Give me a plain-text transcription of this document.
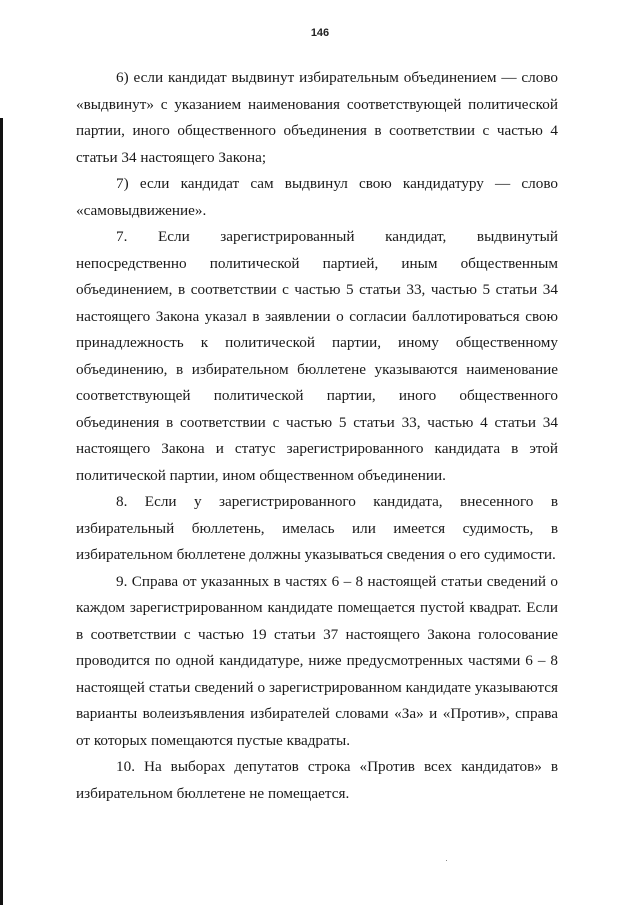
146

6) если кандидат выдвинут избирательным объединением — слово «выдвинут» с указанием наименования соответствующей политической партии, иного общественного объединения в соответствии с частью 4 статьи 34 настоящего Закона;

7) если кандидат сам выдвинул свою кандидатуру — слово «самовыдвижение».

7. Если зарегистрированный кандидат, выдвинутый непосредственно политической партией, иным общественным объединением, в соответствии с частью 5 статьи 33, частью 5 статьи 34 настоящего Закона указал в заявлении о согласии баллотироваться свою принадлежность к политической партии, иному общественному объединению, в избирательном бюллетене указываются наименование соответствующей политической партии, иного общественного объединения в соответствии с частью 5 статьи 33, частью 4 статьи 34 настоящего Закона и статус зарегистрированного кандидата в этой политической партии, ином общественном объединении.

8. Если у зарегистрированного кандидата, внесенного в избирательный бюллетень, имелась или имеется судимость, в избирательном бюллетене должны указываться сведения о его судимости.

9. Справа от указанных в частях 6 – 8 настоящей статьи сведений о каждом зарегистрированном кандидате помещается пустой квадрат. Если в соответствии с частью 19 статьи 37 настоящего Закона голосование проводится по одной кандидатуре, ниже предусмотренных частями 6 – 8 настоящей статьи сведений о зарегистрированном кандидате указываются варианты волеизъявления избирателей словами «За» и «Против», справа от которых помещаются пустые квадраты.

10. На выборах депутатов строка «Против всех кандидатов» в избирательном бюллетене не помещается.
